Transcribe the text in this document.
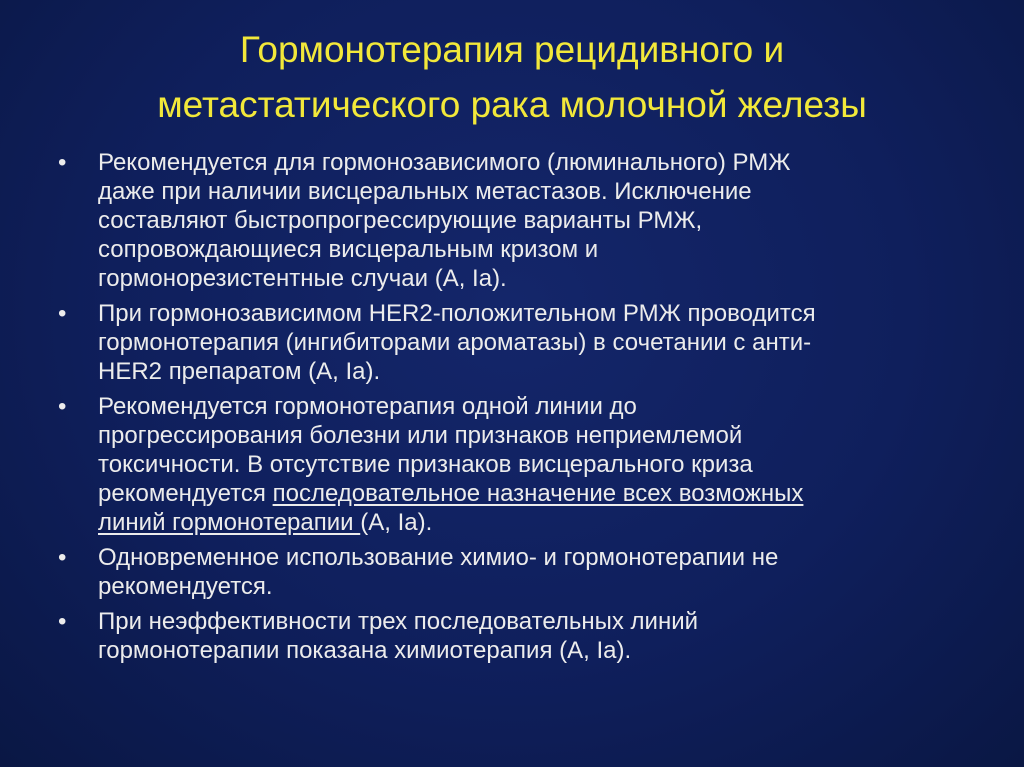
Гормонотерапия рецидивного и
метастатического рака молочной железы
•	Рекомендуется для гормонозависимого (люминального) РМЖ
даже при наличии висцеральных метастазов. Исключение
составляют быстропрогрессирующие варианты РМЖ,
сопровождающиеся висцеральным кризом и
гормонорезистентные случаи (А, Ia).
•	При гормонозависимом HER2-положительном РМЖ проводится
гормонотерапия (ингибиторами ароматазы) в сочетании с анти-
HER2 препаратом (А, Ia).
•	Рекомендуется гормонотерапия одной линии до
прогрессирования болезни или признаков неприемлемой
токсичности. В отсутствие признаков висцерального криза
рекомендуется последовательное назначение всех возможных
линий гормонотерапии (А, Ia).
•	Одновременное использование химио- и гормонотерапии не
рекомендуется.
•	При неэффективности трех последовательных линий
гормонотерапии показана химиотерапия (А, Ia).
